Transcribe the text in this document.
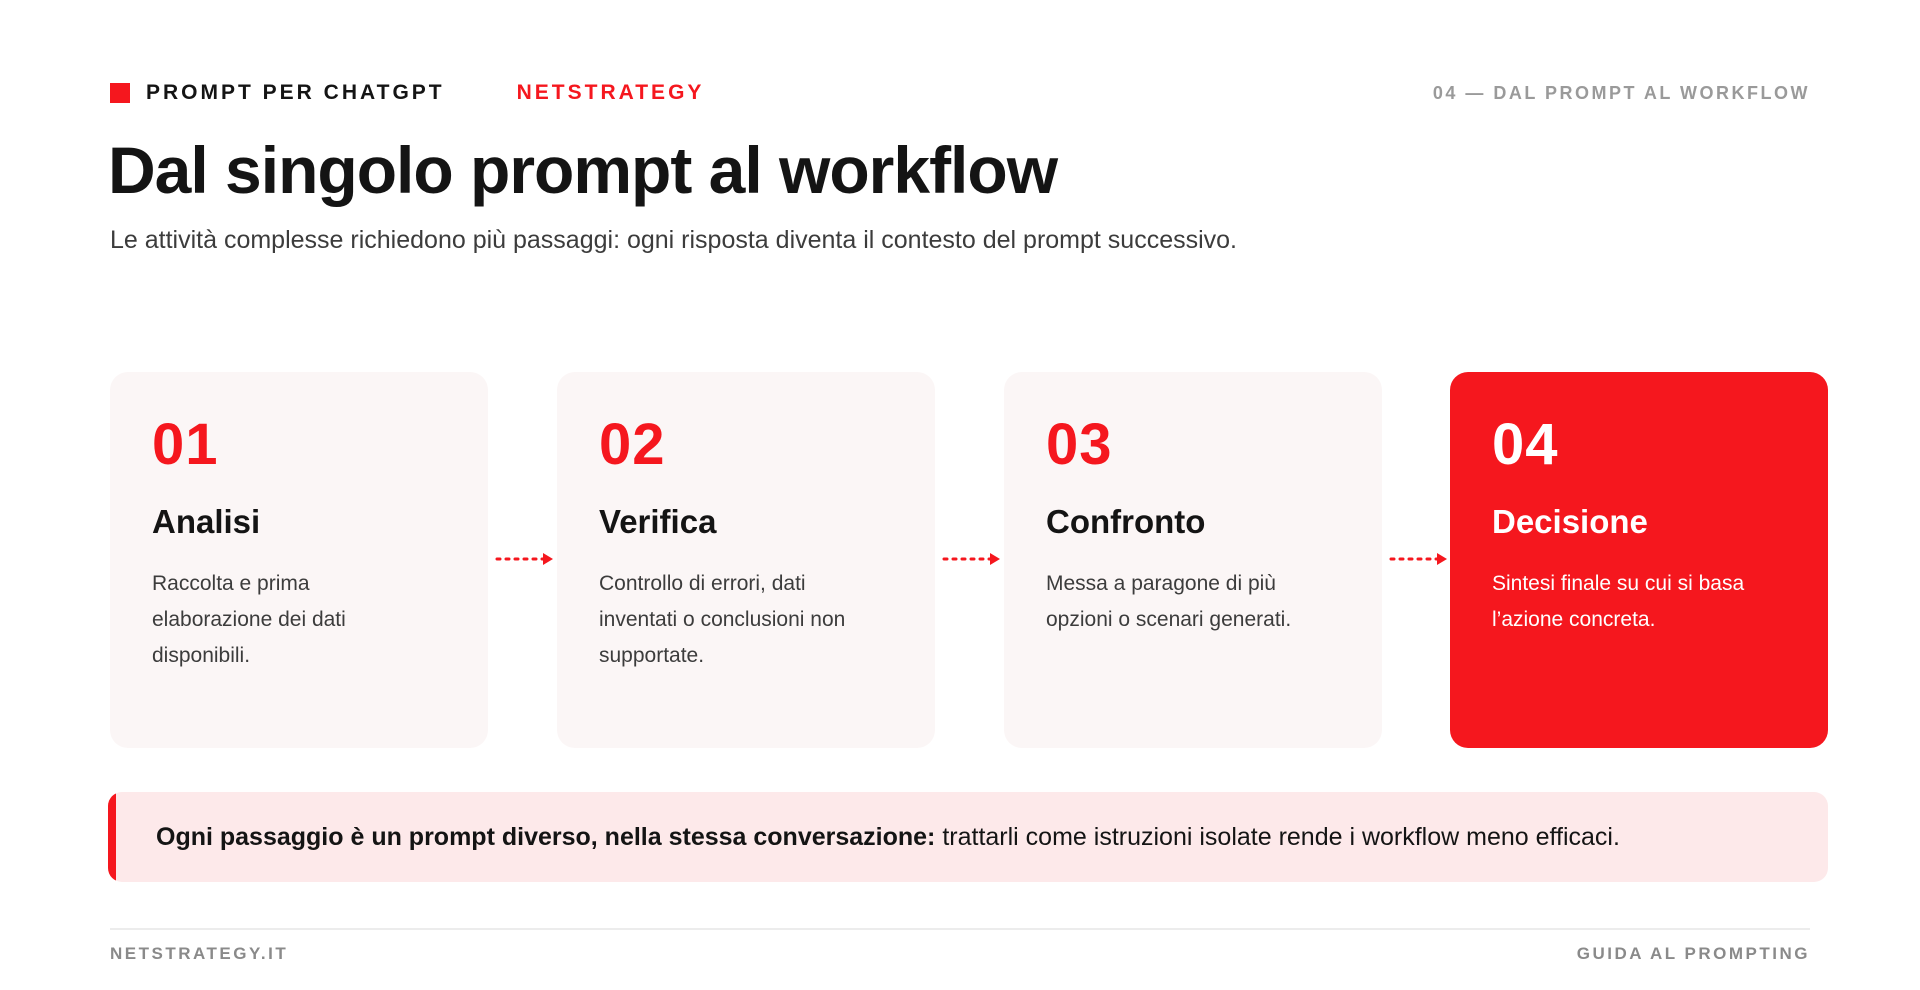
PROMPT PER CHATGPT	NETSTRATEGY	04 — DAL PROMPT AL WORKFLOW
Dal singolo prompt al workflow

Le attività complesse richiedono più passaggi: ogni risposta diventa il contesto del prompt successivo.

01
Analisi
Raccolta e prima elaborazione dei dati disponibili.
02
Verifica
Controllo di errori, dati inventati o conclusioni non supportate.
03
Confronto
Messa a paragone di più opzioni o scenari generati.
04
Decisione
Sintesi finale su cui si basa l’azione concreta.
Ogni passaggio è un prompt diverso, nella stessa conversazione: trattarli come istruzioni isolate rende i workflow meno efficaci.
NETSTRATEGY.IT	GUIDA AL PROMPTING
